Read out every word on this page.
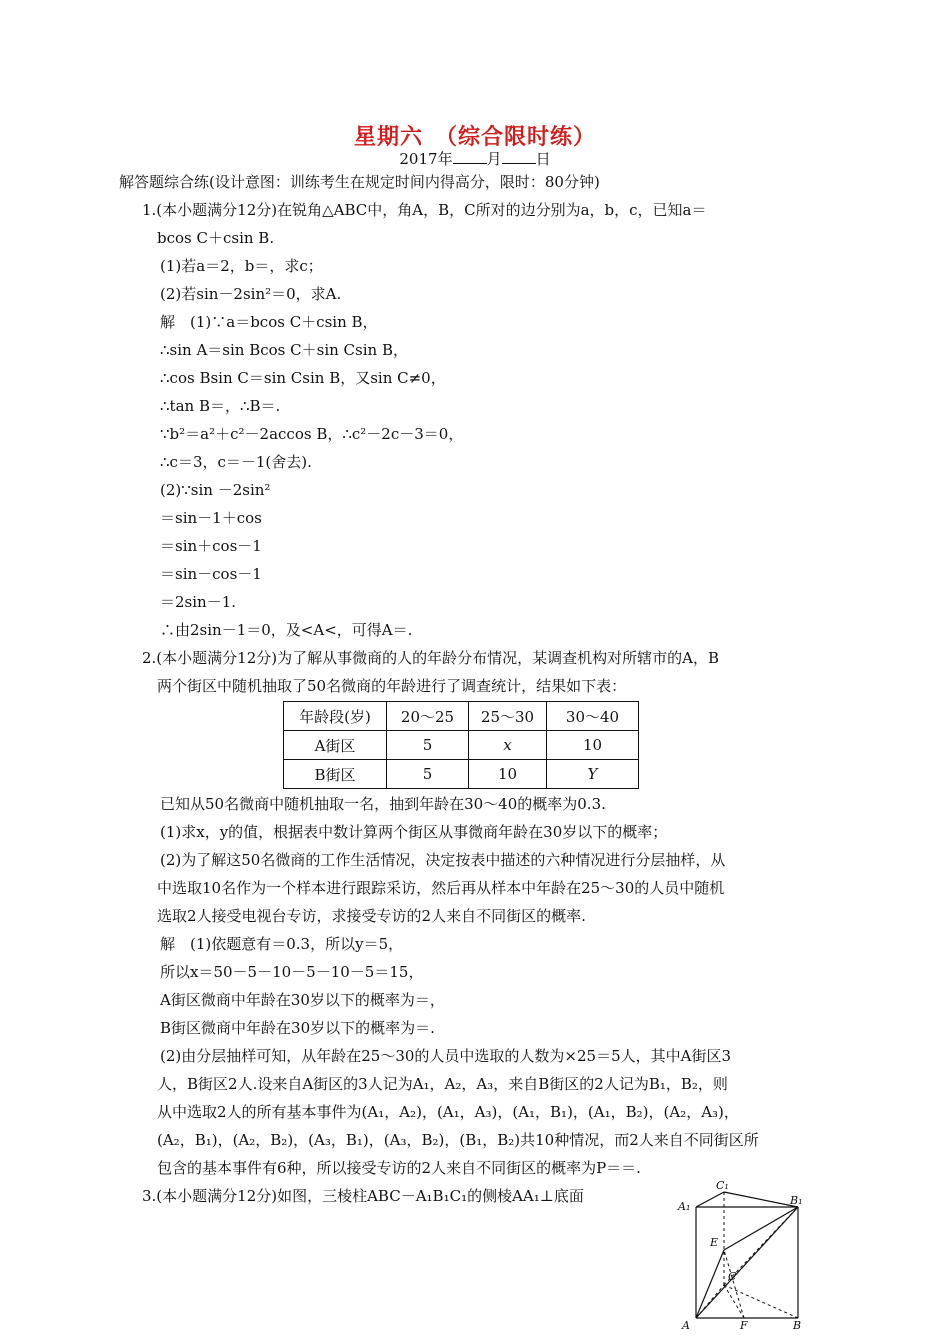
星期六　（综合限时练）
2017年 月 日
解答题综合练(设计意图：训练考生在规定时间内得高分，限时：80分钟)
1.(本小题满分12分)在锐角△ABC中，角A，B，C所对的边分别为a，b，c，已知a＝
bcos C＋csin B.
(1)若a＝2，b＝，求c；
(2)若sin－2sin²＝0，求A.
解　(1)∵a＝bcos C＋csin B，
∴sin A＝sin Bcos C＋sin Csin B，
∴cos Bsin C＝sin Csin B，又sin C≠0，
∴tan B＝，∴B＝.
∵b²＝a²＋c²－2accos B，∴c²－2c－3＝0，
∴c＝3，c＝－1(舍去).
(2)∵sin －2sin²
＝sin－1＋cos
＝sin＋cos－1
＝sin－cos－1
＝2sin－1.
∴由2sin－1＝0，及<A<，可得A＝.
2.(本小题满分12分)为了解从事微商的人的年龄分布情况，某调查机构对所辖市的A，B
两个街区中随机抽取了50名微商的年龄进行了调查统计，结果如下表：
年龄段(岁)	20～25	25～30	30～40
A街区	5	x	10
B街区	5	10	Y
已知从50名微商中随机抽取一名，抽到年龄在30～40的概率为0.3.
(1)求x，y的值，根据表中数计算两个街区从事微商年龄在30岁以下的概率；
(2)为了解这50名微商的工作生活情况，决定按表中描述的六种情况进行分层抽样，从
中选取10名作为一个样本进行跟踪采访，然后再从样本中年龄在25～30的人员中随机
选取2人接受电视台专访，求接受专访的2人来自不同街区的概率.
解　(1)依题意有＝0.3，所以y＝5，
所以x＝50－5－10－5－10－5＝15，
A街区微商中年龄在30岁以下的概率为＝，
B街区微商中年龄在30岁以下的概率为＝.
(2)由分层抽样可知，从年龄在25～30的人员中选取的人数为×25＝5人，其中A街区3
人，B街区2人.设来自A街区的3人记为A₁，A₂，A₃，来自B街区的2人记为B₁，B₂，则
从中选取2人的所有基本事件为(A₁，A₂)，(A₁，A₃)，(A₁，B₁)，(A₁，B₂)，(A₂，A₃)，
(A₂，B₁)，(A₂，B₂)，(A₃，B₁)，(A₃，B₂)，(B₁，B₂)共10种情况，而2人来自不同街区所
包含的基本事件有6种，所以接受专访的2人来自不同街区的概率为P＝＝.
3.(本小题满分12分)如图，三棱柱ABC－A₁B₁C₁的侧棱AA₁⊥底面
C₁
A₁	B₁
E
C
A	F	B
